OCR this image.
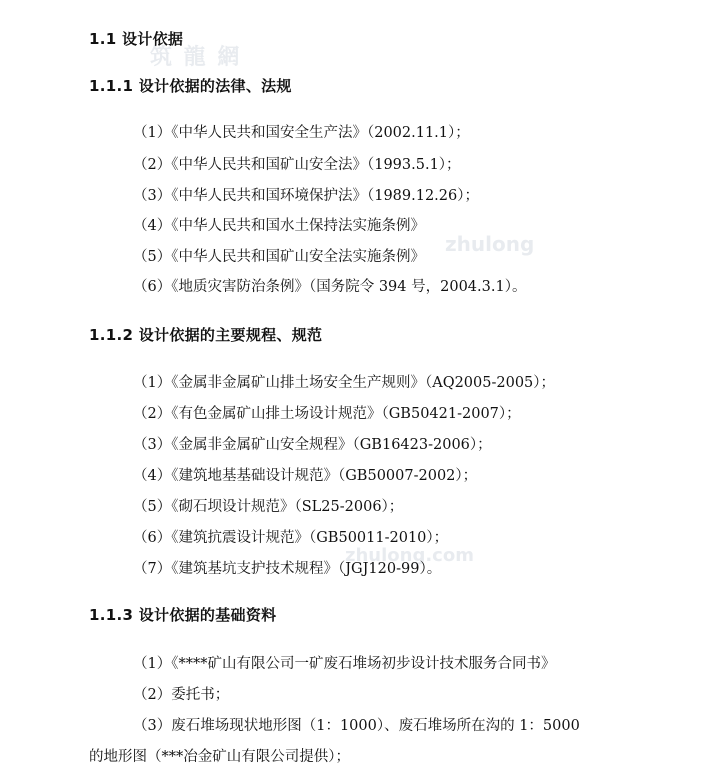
筑 龍 網
zhulong
zhulong.com
1.1 设计依据
1.1.1 设计依据的法律、法规
（1）《中华人民共和国安全生产法》（2002.11.1）；
（2）《中华人民共和国矿山安全法》（1993.5.1）；
（3）《中华人民共和国环境保护法》（1989.12.26）；
（4）《中华人民共和国水土保持法实施条例》
（5）《中华人民共和国矿山安全法实施条例》
（6）《地质灾害防治条例》（国务院令 394 号，2004.3.1）。
1.1.2 设计依据的主要规程、规范
（1）《金属非金属矿山排土场安全生产规则》（AQ2005-2005）；
（2）《有色金属矿山排土场设计规范》（GB50421-2007）；
（3）《金属非金属矿山安全规程》（GB16423-2006）；
（4）《建筑地基基础设计规范》（GB50007-2002）；
（5）《砌石坝设计规范》（SL25-2006）；
（6）《建筑抗震设计规范》（GB50011-2010）；
（7）《建筑基坑支护技术规程》（JGJ120-99）。
1.1.3 设计依据的基础资料
（1）《****矿山有限公司一矿废石堆场初步设计技术服务合同书》
（2）委托书；
（3）废石堆场现状地形图（1：1000）、废石堆场所在沟的 1：5000
的地形图（***冶金矿山有限公司提供）；
